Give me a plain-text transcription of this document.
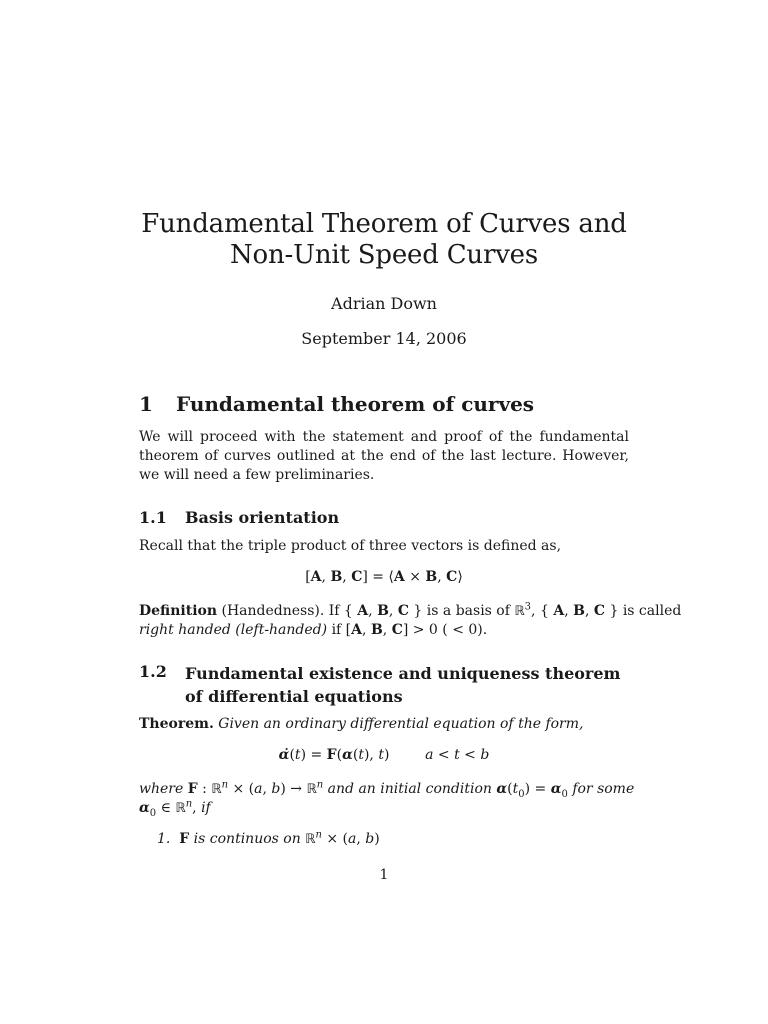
Fundamental Theorem of Curves and
Non-Unit Speed Curves
Adrian Down
September 14, 2006
1 Fundamental theorem of curves
We will proceed with the statement and proof of the fundamental theorem of curves outlined at the end of the last lecture. However, we will need a few preliminaries.
1.1 Basis orientation
Recall that the triple product of three vectors is defined as,
[A, B, C] = ⟨A × B, C⟩
Definition (Handedness). If { A, B, C } is a basis of ℝ$^3$, { A, B, C } is called
right handed (left-handed) if [A, B, C] > 0 ( < 0).
1.2 Fundamental existence and uniqueness theorem of differential equations
Theorem. Given an ordinary differential equation of the form,
α̇(t) = F(α(t), t)        a < t < b
where F : ℝ$^n$ × (a, b) → ℝ$^n$ and an initial condition $\alpha(t_0) = \alpha_0$ for some
$\alpha_0$ ∈ ℝ$^n$, if
1. F is continuos on ℝ$^n$ × (a, b)
1
